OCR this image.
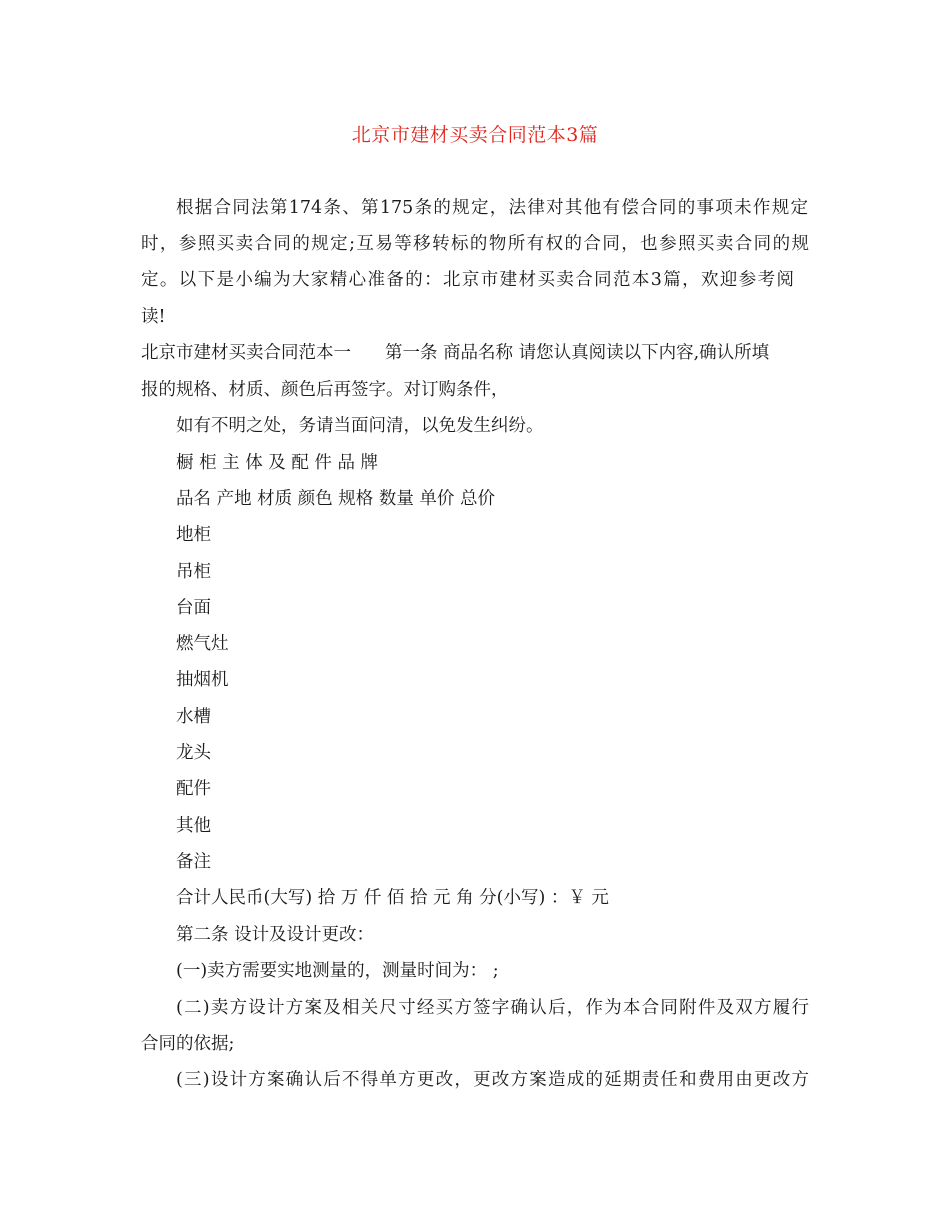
北京市建材买卖合同范本3篇
根据合同法第174条、第175条的规定，法律对其他有偿合同的事项未作规定
时，参照买卖合同的规定;互易等移转标的物所有权的合同，也参照买卖合同的规
定。以下是小编为大家精心准备的：北京市建材买卖合同范本3篇，欢迎参考阅
读!
北京市建材买卖合同范本一 第一条 商品名称 请您认真阅读以下内容,确认所填
报的规格、材质、颜色后再签字。对订购条件，
如有不明之处，务请当面问清，以免发生纠纷。
橱 柜 主 体 及 配 件 品 牌
品名 产地 材质 颜色 规格 数量 单价 总价
地柜
吊柜
台面
燃气灶
抽烟机
水槽
龙头
配件
其他
备注
合计人民币(大写) 拾 万 仟 佰 拾 元 角 分(小写) ：￥ 元
第二条 设计及设计更改：
(一)卖方需要实地测量的，测量时间为： ;
(二)卖方设计方案及相关尺寸经买方签字确认后，作为本合同附件及双方履行
合同的依据;
(三)设计方案确认后不得单方更改，更改方案造成的延期责任和费用由更改方
